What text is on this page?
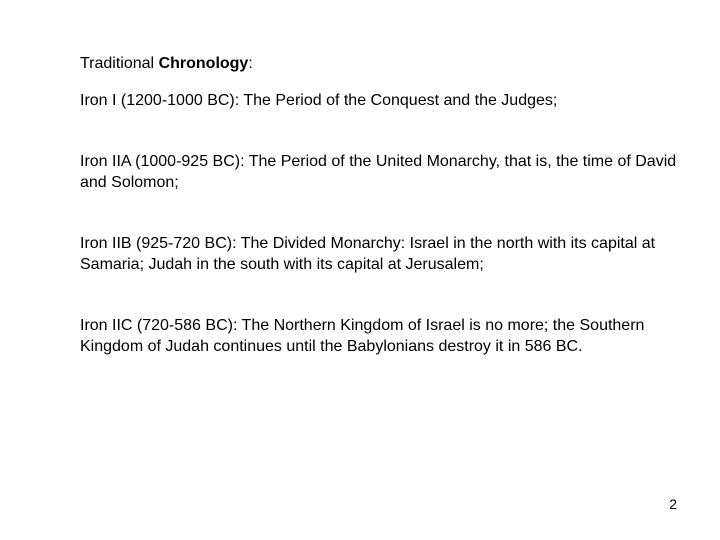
Traditional Chronology:

Iron I (1200-1000 BC): The Period of the Conquest and the Judges;

Iron IIA (1000-925 BC): The Period of the United Monarchy, that is, the time of David and Solomon;

Iron IIB (925-720 BC): The Divided Monarchy: Israel in the north with its capital at Samaria; Judah in the south with its capital at Jerusalem;

Iron IIC (720-586 BC): The Northern Kingdom of Israel is no more; the Southern Kingdom of Judah continues until the Babylonians destroy it in 586 BC.

2
